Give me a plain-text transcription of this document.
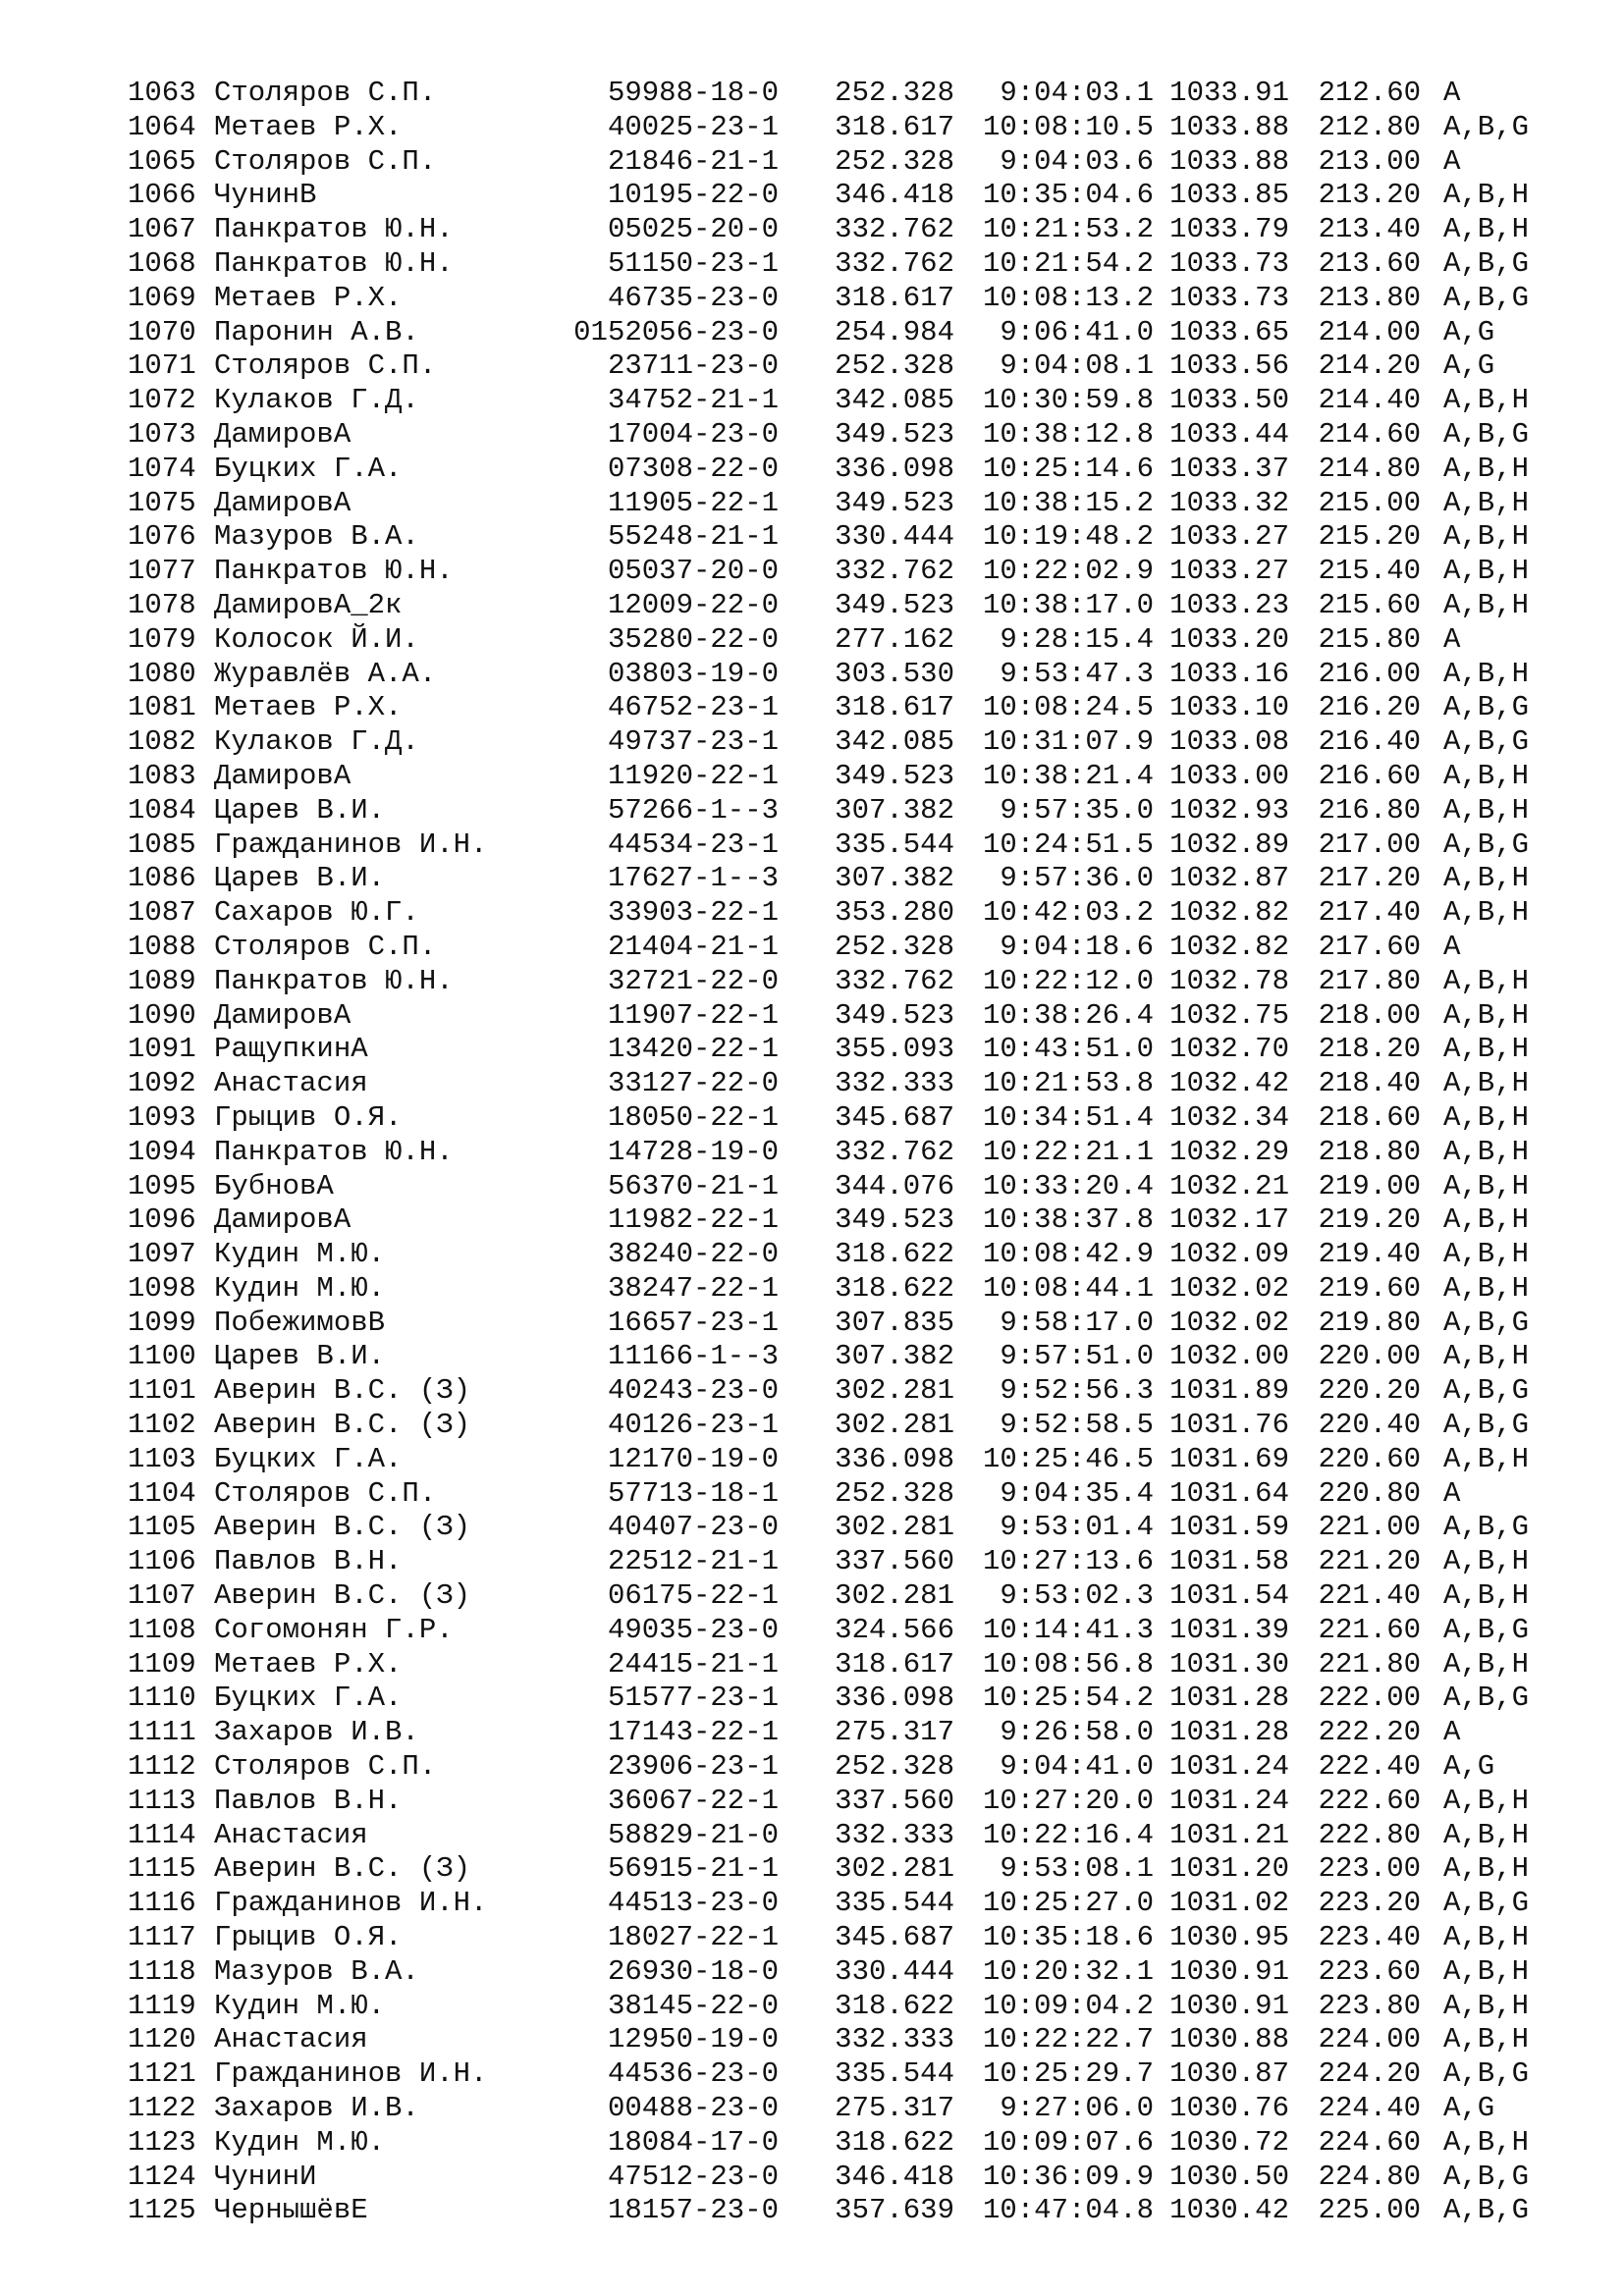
1063 Столяров С.П.	59988-18-0	252.328	9:04:03.1 1033.91	212.60 A
1064 Метаев Р.Х.	40025-23-1	318.617 10:08:10.5 1033.88	212.80 A,B,G
1065 Столяров С.П.	21846-21-1	252.328	9:04:03.6 1033.88	213.00 A
1066 ЧунинВ	10195-22-0	346.418 10:35:04.6 1033.85	213.20 A,B,H
1067 Панкратов Ю.Н.	05025-20-0	332.762 10:21:53.2 1033.79	213.40 A,B,H
1068 Панкратов Ю.Н.	51150-23-1	332.762 10:21:54.2 1033.73	213.60 A,B,G
1069 Метаев Р.Х.	46735-23-0	318.617 10:08:13.2 1033.73	213.80 A,B,G
1070 Паронин А.В.	0152056-23-0	254.984	9:06:41.0 1033.65	214.00 A,G
1071 Столяров С.П.	23711-23-0	252.328	9:04:08.1 1033.56	214.20 A,G
1072 Кулаков Г.Д.	34752-21-1	342.085 10:30:59.8 1033.50	214.40 A,B,H
1073 ДамировА	17004-23-0	349.523 10:38:12.8 1033.44	214.60 A,B,G
1074 Буцких Г.А.	07308-22-0	336.098 10:25:14.6 1033.37	214.80 A,B,H
1075 ДамировА	11905-22-1	349.523 10:38:15.2 1033.32	215.00 A,B,H
1076 Мазуров В.А.	55248-21-1	330.444 10:19:48.2 1033.27	215.20 A,B,H
1077 Панкратов Ю.Н.	05037-20-0	332.762 10:22:02.9 1033.27	215.40 A,B,H
1078 ДамировА_2к	12009-22-0	349.523 10:38:17.0 1033.23	215.60 A,B,H
1079 Колосок Й.И.	35280-22-0	277.162	9:28:15.4 1033.20	215.80 A
1080 Журавлёв А.А.	03803-19-0	303.530	9:53:47.3 1033.16	216.00 A,B,H
1081 Метаев Р.Х.	46752-23-1	318.617 10:08:24.5 1033.10	216.20 A,B,G
1082 Кулаков Г.Д.	49737-23-1	342.085 10:31:07.9 1033.08	216.40 A,B,G
1083 ДамировА	11920-22-1	349.523 10:38:21.4 1033.00	216.60 A,B,H
1084 Царев В.И.	57266-1--3	307.382	9:57:35.0 1032.93	216.80 A,B,H
1085 Гражданинов И.Н.	44534-23-1	335.544 10:24:51.5 1032.89	217.00 A,B,G
1086 Царев В.И.	17627-1--3	307.382	9:57:36.0 1032.87	217.20 A,B,H
1087 Сахаров Ю.Г.	33903-22-1	353.280 10:42:03.2 1032.82	217.40 A,B,H
1088 Столяров С.П.	21404-21-1	252.328	9:04:18.6 1032.82	217.60 A
1089 Панкратов Ю.Н.	32721-22-0	332.762 10:22:12.0 1032.78	217.80 A,B,H
1090 ДамировА	11907-22-1	349.523 10:38:26.4 1032.75	218.00 A,B,H
1091 РащупкинА	13420-22-1	355.093 10:43:51.0 1032.70	218.20 A,B,H
1092 Анастасия	33127-22-0	332.333 10:21:53.8 1032.42	218.40 A,B,H
1093 Грыцив О.Я.	18050-22-1	345.687 10:34:51.4 1032.34	218.60 A,B,H
1094 Панкратов Ю.Н.	14728-19-0	332.762 10:22:21.1 1032.29	218.80 A,B,H
1095 БубновА	56370-21-1	344.076 10:33:20.4 1032.21	219.00 A,B,H
1096 ДамировА	11982-22-1	349.523 10:38:37.8 1032.17	219.20 A,B,H
1097 Кудин М.Ю.	38240-22-0	318.622 10:08:42.9 1032.09	219.40 A,B,H
1098 Кудин М.Ю.	38247-22-1	318.622 10:08:44.1 1032.02	219.60 A,B,H
1099 ПобежимовВ	16657-23-1	307.835	9:58:17.0 1032.02	219.80 A,B,G
1100 Царев В.И.	11166-1--3	307.382	9:57:51.0 1032.00	220.00 A,B,H
1101 Аверин В.С. (З)	40243-23-0	302.281	9:52:56.3 1031.89	220.20 A,B,G
1102 Аверин В.С. (З)	40126-23-1	302.281	9:52:58.5 1031.76	220.40 A,B,G
1103 Буцких Г.А.	12170-19-0	336.098 10:25:46.5 1031.69	220.60 A,B,H
1104 Столяров С.П.	57713-18-1	252.328	9:04:35.4 1031.64	220.80 A
1105 Аверин В.С. (З)	40407-23-0	302.281	9:53:01.4 1031.59	221.00 A,B,G
1106 Павлов В.Н.	22512-21-1	337.560 10:27:13.6 1031.58	221.20 A,B,H
1107 Аверин В.С. (З)	06175-22-1	302.281	9:53:02.3 1031.54	221.40 A,B,H
1108 Согомонян Г.Р.	49035-23-0	324.566 10:14:41.3 1031.39	221.60 A,B,G
1109 Метаев Р.Х.	24415-21-1	318.617 10:08:56.8 1031.30	221.80 A,B,H
1110 Буцких Г.А.	51577-23-1	336.098 10:25:54.2 1031.28	222.00 A,B,G
1111 Захаров И.В.	17143-22-1	275.317	9:26:58.0 1031.28	222.20 A
1112 Столяров С.П.	23906-23-1	252.328	9:04:41.0 1031.24	222.40 A,G
1113 Павлов В.Н.	36067-22-1	337.560 10:27:20.0 1031.24	222.60 A,B,H
1114 Анастасия	58829-21-0	332.333 10:22:16.4 1031.21	222.80 A,B,H
1115 Аверин В.С. (З)	56915-21-1	302.281	9:53:08.1 1031.20	223.00 A,B,H
1116 Гражданинов И.Н.	44513-23-0	335.544 10:25:27.0 1031.02	223.20 A,B,G
1117 Грыцив О.Я.	18027-22-1	345.687 10:35:18.6 1030.95	223.40 A,B,H
1118 Мазуров В.А.	26930-18-0	330.444 10:20:32.1 1030.91	223.60 A,B,H
1119 Кудин М.Ю.	38145-22-0	318.622 10:09:04.2 1030.91	223.80 A,B,H
1120 Анастасия	12950-19-0	332.333 10:22:22.7 1030.88	224.00 A,B,H
1121 Гражданинов И.Н.	44536-23-0	335.544 10:25:29.7 1030.87	224.20 A,B,G
1122 Захаров И.В.	00488-23-0	275.317	9:27:06.0 1030.76	224.40 A,G
1123 Кудин М.Ю.	18084-17-0	318.622 10:09:07.6 1030.72	224.60 A,B,H
1124 ЧунинИ	47512-23-0	346.418 10:36:09.9 1030.50	224.80 A,B,G
1125 ЧернышёвЕ	18157-23-0	357.639 10:47:04.8 1030.42	225.00 A,B,G
